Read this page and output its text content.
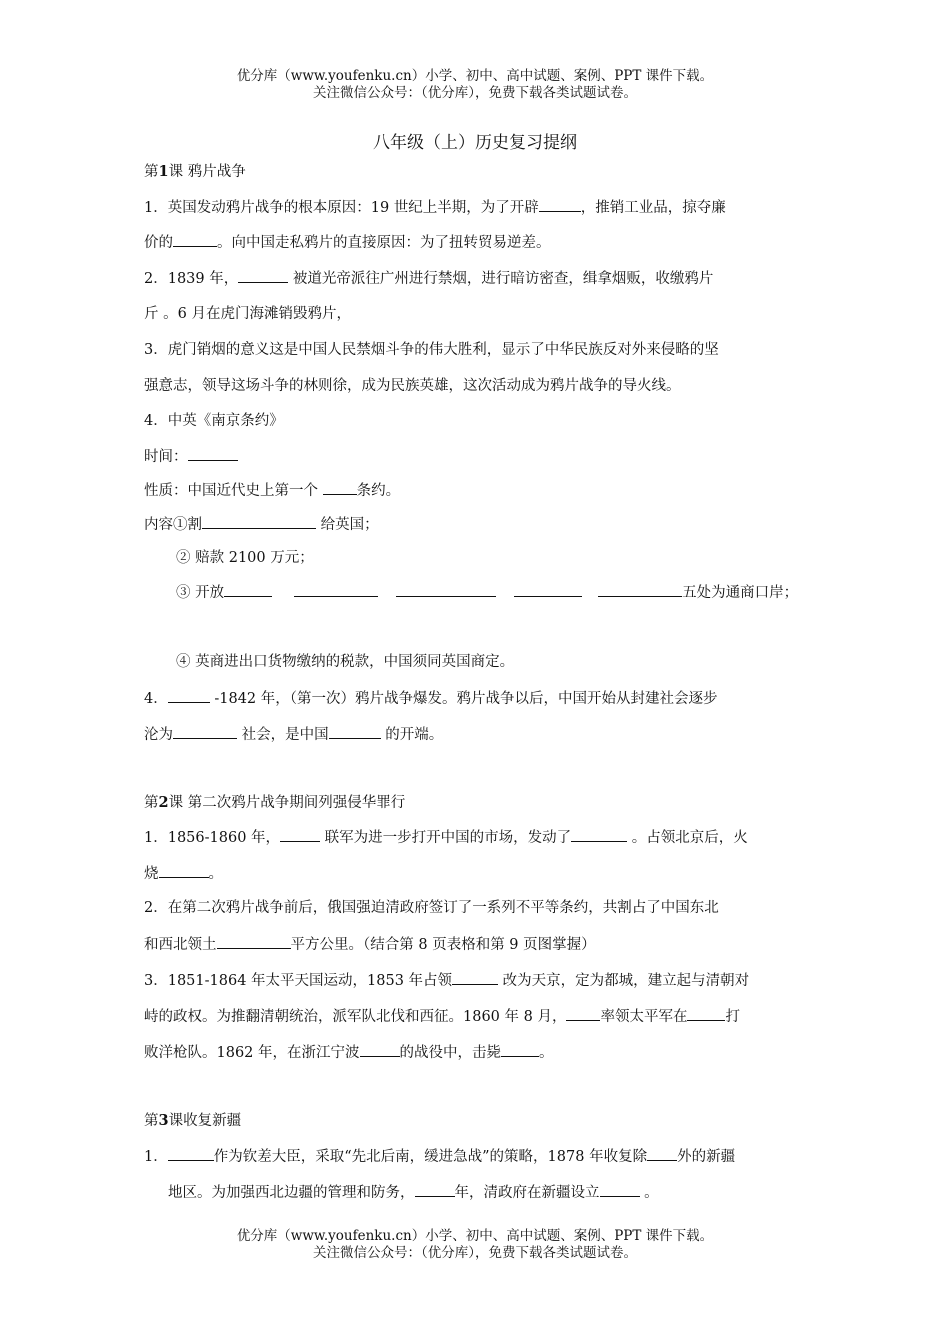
优分库（www.youfenku.cn）小学、初中、高中试题、案例、PPT 课件下载。
关注微信公众号：（优分库），免费下载各类试题试卷。
八年级（上）历史复习提纲
第1课 鸦片战争
1．英国发动鸦片战争的根本原因：19 世纪上半期，为了开辟	，推销工业品，掠夺廉
价的	。向中国走私鸦片的直接原因：为了扭转贸易逆差。
2．1839 年，	被道光帝派往广州进行禁烟，进行暗访密查，缉拿烟贩，收缴鸦片
斤 。6 月在虎门海滩销毁鸦片，
3．虎门销烟的意义这是中国人民禁烟斗争的伟大胜利，显示了中华民族反对外来侵略的坚
强意志，领导这场斗争的林则徐，成为民族英雄，这次活动成为鸦片战争的导火线。
4．中英《南京条约》
时间：
性质：中国近代史上第一个 条约。
内容①割	给英国；
② 赔款 2100 万元；
③ 开放	五处为通商口岸；
④ 英商进出口货物缴纳的税款，中国须同英国商定。
4．	-1842 年，（第一次）鸦片战争爆发。鸦片战争以后，中国开始从封建社会逐步
沦为	社会，是中国	的开端。
第2课 第二次鸦片战争期间列强侵华罪行
1．1856-1860 年，	联军为进一步打开中国的市场，发动了	。占领北京后，火
烧	。
2．在第二次鸦片战争前后，俄国强迫清政府签订了一系列不平等条约，共割占了中国东北
和西北领土	平方公里。（结合第 8 页表格和第 9 页图掌握）
3．1851-1864 年太平天国运动，1853 年占领	改为天京，定为都城，建立起与清朝对
峙的政权。为推翻清朝统治，派军队北伐和西征。1860 年 8 月， 率领太平军在	打
败洋枪队。1862 年，在浙江宁波	的战役中，击毙	。
第3课收复新疆
1．	作为钦差大臣，采取“先北后南，缓进急战”的策略，1878 年收复除 外的新疆
地区。为加强西北边疆的管理和防务，	年，清政府在新疆设立	。
优分库（www.youfenku.cn）小学、初中、高中试题、案例、PPT 课件下载。
关注微信公众号：（优分库），免费下载各类试题试卷。
